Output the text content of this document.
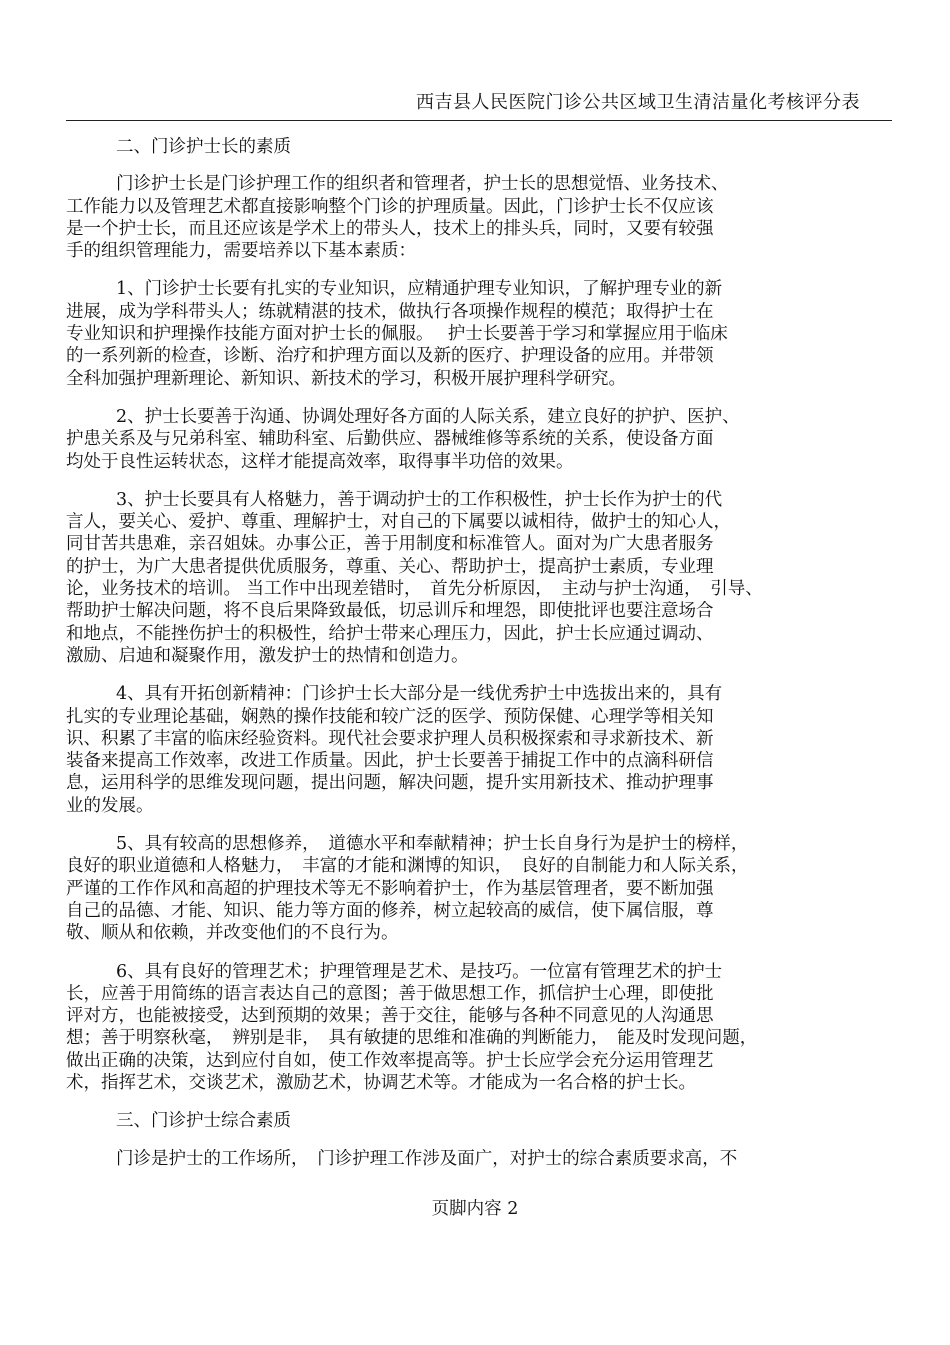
西吉县人民医院门诊公共区域卫生清洁量化考核评分表
二、门诊护士长的素质
门诊护士长是门诊护理工作的组织者和管理者，护士长的思想觉悟、业务技术、
工作能力以及管理艺术都直接影响整个门诊的护理质量。因此，门诊护士长不仅应该
是一个护士长，而且还应该是学术上的带头人，技术上的排头兵，同时，又要有较强
手的组织管理能力，需要培养以下基本素质：
1、门诊护士长要有扎实的专业知识，应精通护理专业知识，了解护理专业的新
进展，成为学科带头人；练就精湛的技术，做执行各项操作规程的模范；取得护士在
专业知识和护理操作技能方面对护士长的佩服。　 护士长要善于学习和掌握应用于临床
的一系列新的检查，诊断、治疗和护理方面以及新的医疗、护理设备的应用。并带领
全科加强护理新理论、新知识、新技术的学习，积极开展护理科学研究。
2、护士长要善于沟通、协调处理好各方面的人际关系，建立良好的护护、医护、
护患关系及与兄弟科室、辅助科室、后勤供应、器械维修等系统的关系，使设备方面
均处于良性运转状态，这样才能提高效率，取得事半功倍的效果。
3、护士长要具有人格魅力，善于调动护士的工作积极性，护士长作为护士的代
言人，要关心、爱护、尊重、理解护士，对自己的下属要以诚相待，做护士的知心人，
同甘苦共患难，亲召姐妹。办事公正，善于用制度和标准管人。面对为广大患者服务
的护士，为广大患者提供优质服务，尊重、关心、帮助护士，提高护士素质，专业理
论，业务技术的培训。 当工作中出现差错时，　首先分析原因，　主动与护士沟通，　引导、
帮助护士解决问题，将不良后果降致最低，切忌训斥和埋怨，即使批评也要注意场合
和地点，不能挫伤护士的积极性，给护士带来心理压力，因此，护士长应通过调动、
激励、启迪和凝聚作用，激发护士的热情和创造力。
4、具有开拓创新精神：门诊护士长大部分是一线优秀护士中选拔出来的，具有
扎实的专业理论基础，娴熟的操作技能和较广泛的医学、预防保健、心理学等相关知
识、积累了丰富的临床经验资料。现代社会要求护理人员积极探索和寻求新技术、新
装备来提高工作效率，改进工作质量。因此，护士长要善于捕捉工作中的点滴科研信
息，运用科学的思维发现问题，提出问题，解决问题，提升实用新技术、推动护理事
业的发展。
5、具有较高的思想修养，　道德水平和奉献精神；护士长自身行为是护士的榜样，
良好的职业道德和人格魅力，　丰富的才能和渊博的知识，　良好的自制能力和人际关系，
严谨的工作作风和高超的护理技术等无不影响着护士，作为基层管理者，要不断加强
自己的品德、才能、知识、能力等方面的修养，树立起较高的威信，使下属信服，尊
敬、顺从和依赖，并改变他们的不良行为。
6、具有良好的管理艺术；护理管理是艺术、是技巧。一位富有管理艺术的护士
长，应善于用简练的语言表达自己的意图；善于做思想工作，抓信护士心理，即使批
评对方，也能被接受，达到预期的效果；善于交往，能够与各种不同意见的人沟通思
想；善于明察秋毫，　辨别是非，　具有敏捷的思维和准确的判断能力，　能及时发现问题，
做出正确的决策，达到应付自如，使工作效率提高等。护士长应学会充分运用管理艺
术，指挥艺术，交谈艺术，激励艺术，协调艺术等。才能成为一名合格的护士长。
三、门诊护士综合素质
门诊是护士的工作场所，　门诊护理工作涉及面广，对护士的综合素质要求高，不
页脚内容 2
